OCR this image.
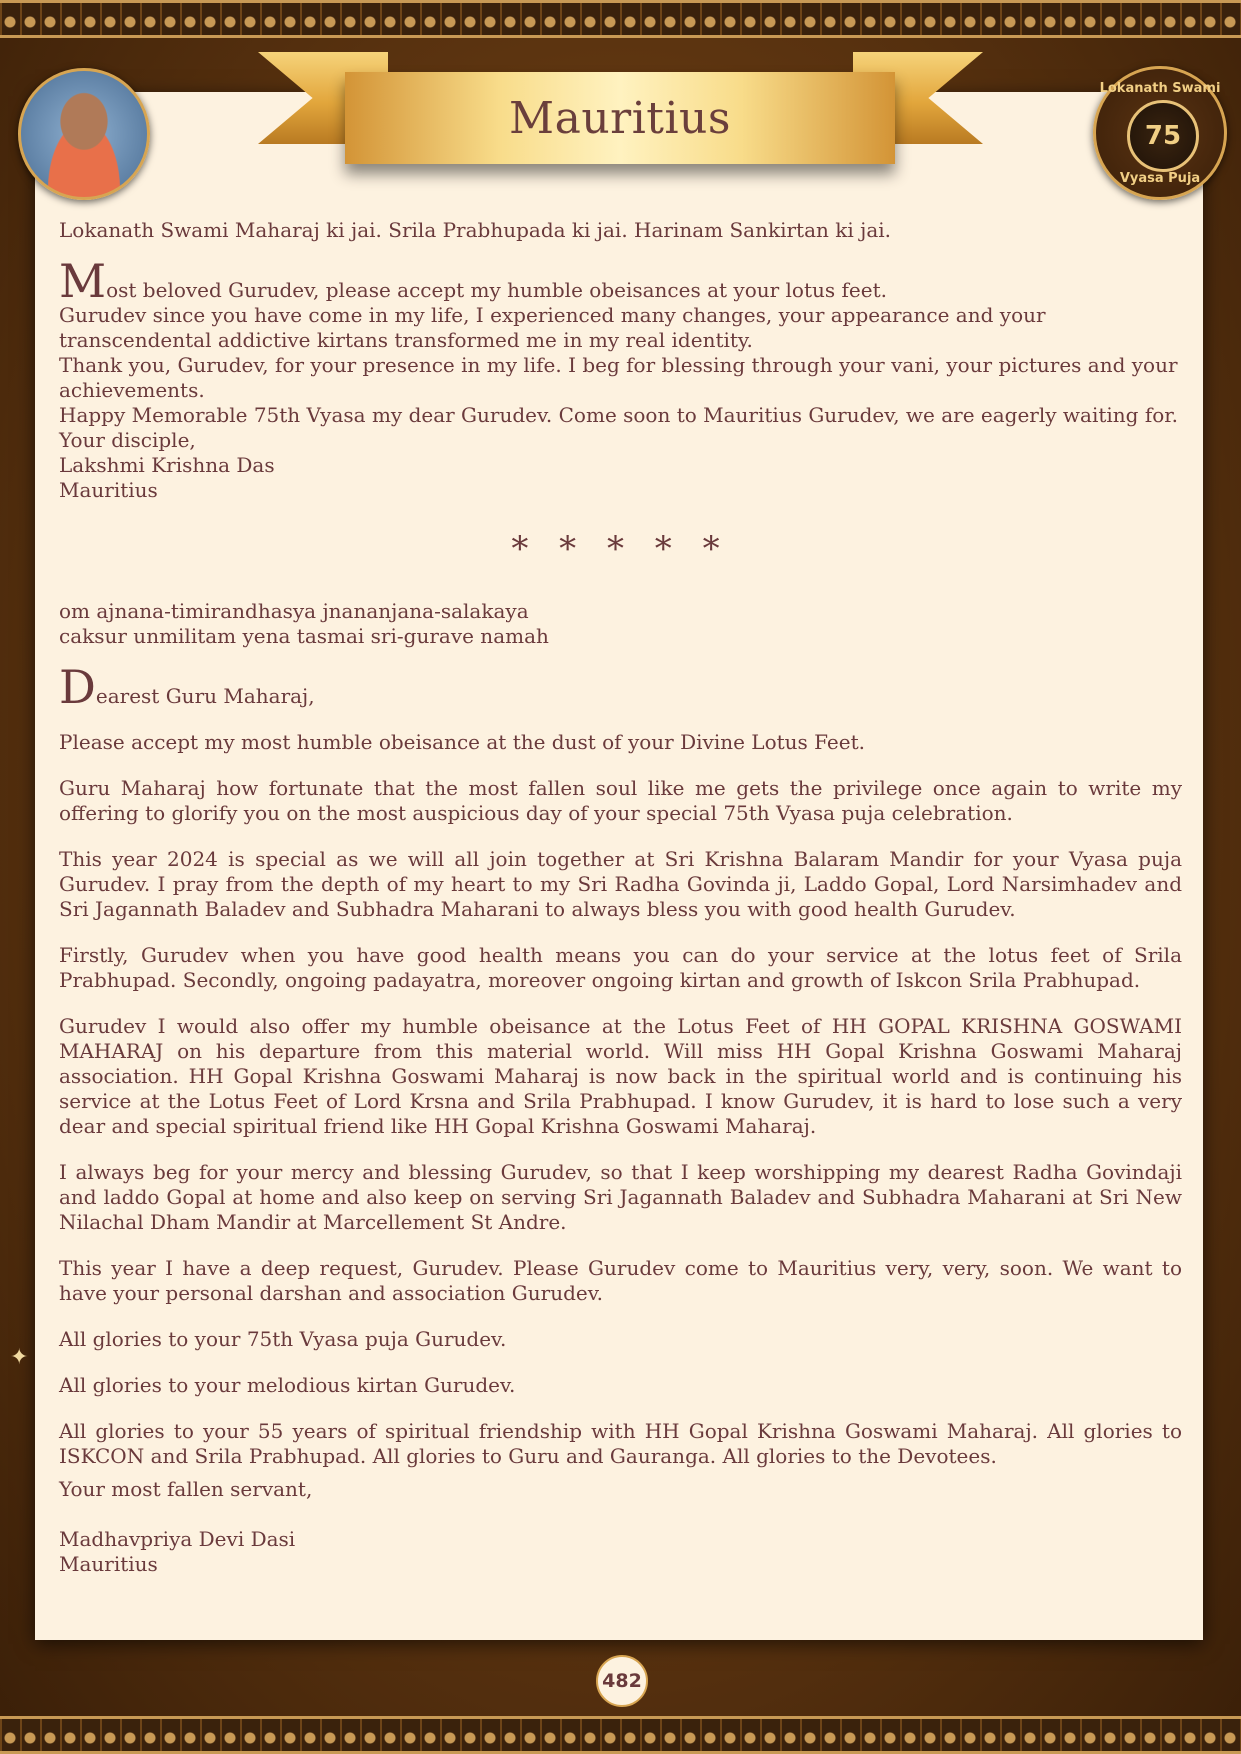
Mauritius
Lokanath Swami
75
Vyasa Puja

Lokanath Swami Maharaj ki jai. Srila Prabhupada ki jai. Harinam Sankirtan ki jai.

Most beloved Gurudev, please accept my humble obeisances at your lotus feet.

Gurudev since you have come in my life, I experienced many changes, your appearance and your transcendental addictive kirtans transformed me in my real identity.

Thank you, Gurudev, for your presence in my life. I beg for blessing through your vani, your pictures and your achievements.

Happy Memorable 75th Vyasa my dear Gurudev. Come soon to Mauritius Gurudev, we are eagerly waiting for.

Your disciple,

Lakshmi Krishna Das

Mauritius

* * * * *

om ajnana-timirandhasya jnananjana-salakaya

caksur unmilitam yena tasmai sri-gurave namah

Dearest Guru Maharaj,

Please accept my most humble obeisance at the dust of your Divine Lotus Feet.

Guru Maharaj how fortunate that the most fallen soul like me gets the privilege once again to write my offering to glorify you on the most auspicious day of your special 75th Vyasa puja celebration.

This year 2024 is special as we will all join together at Sri Krishna Balaram Mandir for your Vyasa puja Gurudev. I pray from the depth of my heart to my Sri Radha Govinda ji, Laddo Gopal, Lord Narsimhadev and Sri Jagannath Baladev and Subhadra Maharani to always bless you with good health Gurudev.

Firstly, Gurudev when you have good health means you can do your service at the lotus feet of Srila Prabhupad. Secondly, ongoing padayatra, moreover ongoing kirtan and growth of Iskcon Srila Prabhupad.

Gurudev I would also offer my humble obeisance at the Lotus Feet of HH GOPAL KRISHNA GOSWAMI MAHARAJ on his departure from this material world. Will miss HH Gopal Krishna Goswami Maharaj association. HH Gopal Krishna Goswami Maharaj is now back in the spiritual world and is continuing his service at the Lotus Feet of Lord Krsna and Srila Prabhupad. I know Gurudev, it is hard to lose such a very dear and special spiritual friend like HH Gopal Krishna Goswami Maharaj.

I always beg for your mercy and blessing Gurudev, so that I keep worshipping my dearest Radha Govindaji and laddo Gopal at home and also keep on serving Sri Jagannath Baladev and Subhadra Maharani at Sri New Nilachal Dham Mandir at Marcellement St Andre.

This year I have a deep request, Gurudev. Please Gurudev come to Mauritius very, very, soon. We want to have your personal darshan and association Gurudev.

All glories to your 75th Vyasa puja Gurudev.

All glories to your melodious kirtan Gurudev.

All glories to your 55 years of spiritual friendship with HH Gopal Krishna Goswami Maharaj. All glories to ISKCON and Srila Prabhupad. All glories to Guru and Gauranga. All glories to the Devotees.

Your most fallen servant,

Madhavpriya Devi Dasi

Mauritius

✦
482
